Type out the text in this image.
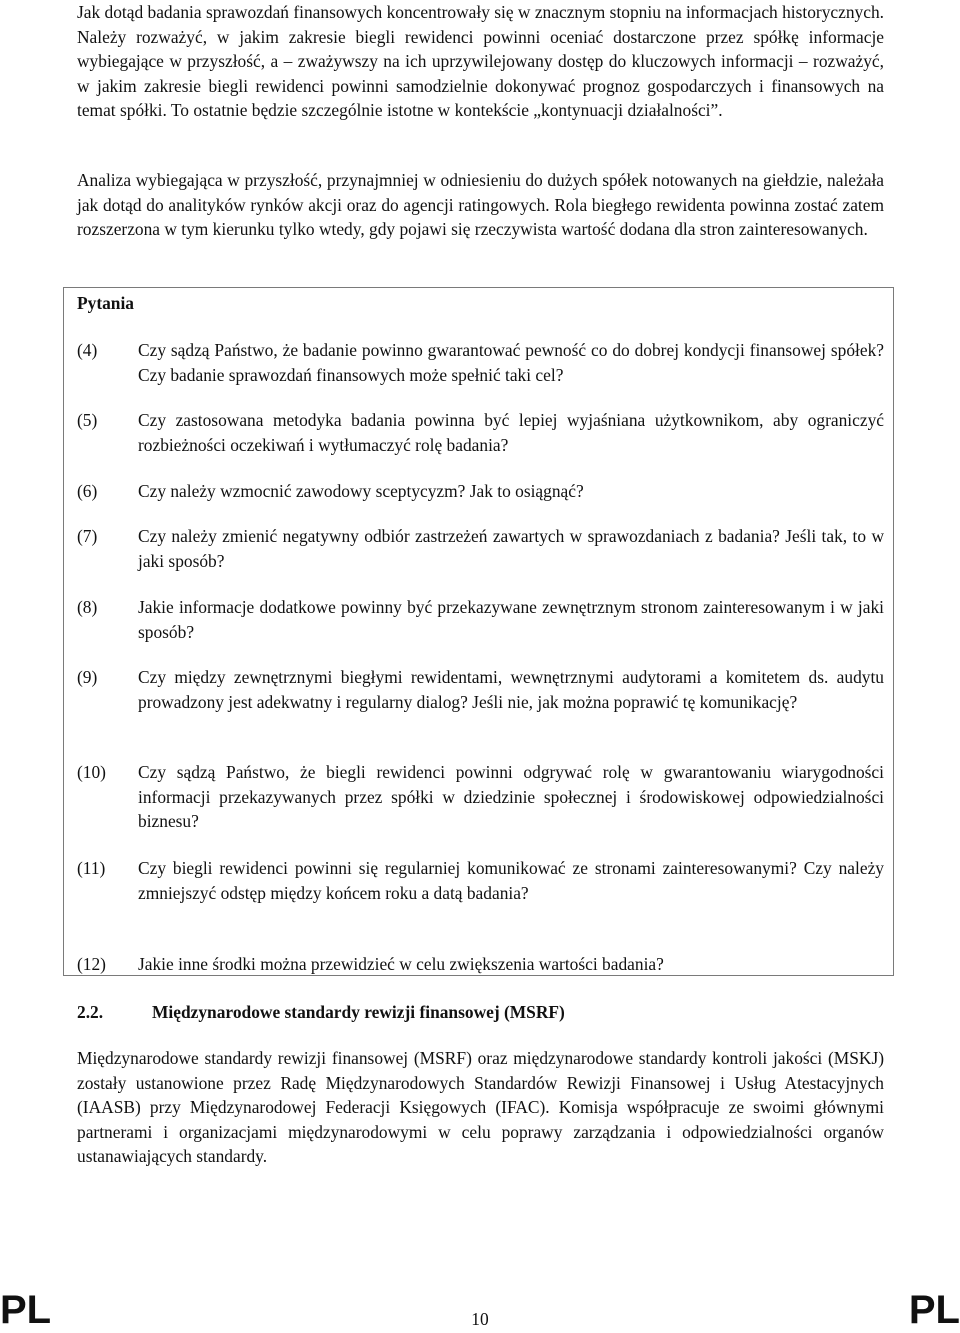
Jak dotąd badania sprawozdań finansowych koncentrowały się w znacznym stopniu na informacjach historycznych. Należy rozważyć, w jakim zakresie biegli rewidenci powinni oceniać dostarczone przez spółkę informacje wybiegające w przyszłość, a – zważywszy na ich uprzywilejowany dostęp do kluczowych informacji – rozważyć, w jakim zakresie biegli rewidenci powinni samodzielnie dokonywać prognoz gospodarczych i finansowych na temat spółki. To ostatnie będzie szczególnie istotne w kontekście „kontynuacji działalności”.

Analiza wybiegająca w przyszłość, przynajmniej w odniesieniu do dużych spółek notowanych na giełdzie, należała jak dotąd do analityków rynków akcji oraz do agencji ratingowych. Rola biegłego rewidenta powinna zostać zatem rozszerzona w tym kierunku tylko wtedy, gdy pojawi się rzeczywista wartość dodana dla stron zainteresowanych.

Pytania

(4) Czy sądzą Państwo, że badanie powinno gwarantować pewność co do dobrej kondycji finansowej spółek? Czy badanie sprawozdań finansowych może spełnić taki cel?

(5) Czy zastosowana metodyka badania powinna być lepiej wyjaśniana użytkownikom, aby ograniczyć rozbieżności oczekiwań i wytłumaczyć rolę badania?

(6) Czy należy wzmocnić zawodowy sceptycyzm? Jak to osiągnąć?

(7) Czy należy zmienić negatywny odbiór zastrzeżeń zawartych w sprawozdaniach z badania? Jeśli tak, to w jaki sposób?

(8) Jakie informacje dodatkowe powinny być przekazywane zewnętrznym stronom zainteresowanym i w jaki sposób?

(9) Czy między zewnętrznymi biegłymi rewidentami, wewnętrznymi audytorami a komitetem ds. audytu prowadzony jest adekwatny i regularny dialog? Jeśli nie, jak można poprawić tę komunikację?

(10) Czy sądzą Państwo, że biegli rewidenci powinni odgrywać rolę w gwarantowaniu wiarygodności informacji przekazywanych przez spółki w dziedzinie społecznej i środowiskowej odpowiedzialności biznesu?

(11) Czy biegli rewidenci powinni się regularniej komunikować ze stronami zainteresowanymi? Czy należy zmniejszyć odstęp między końcem roku a datą badania?

(12) Jakie inne środki można przewidzieć w celu zwiększenia wartości badania?

2.2.	Międzynarodowe standardy rewizji finansowej (MSRF)

Międzynarodowe standardy rewizji finansowej (MSRF) oraz międzynarodowe standardy kontroli jakości (MSKJ) zostały ustanowione przez Radę Międzynarodowych Standardów Rewizji Finansowej i Usług Atestacyjnych (IAASB) przy Międzynarodowej Federacji Księgowych (IFAC). Komisja współpracuje ze swoimi głównymi partnerami i organizacjami międzynarodowymi w celu poprawy zarządzania i odpowiedzialności organów ustanawiających standardy.

PL	10	PL
